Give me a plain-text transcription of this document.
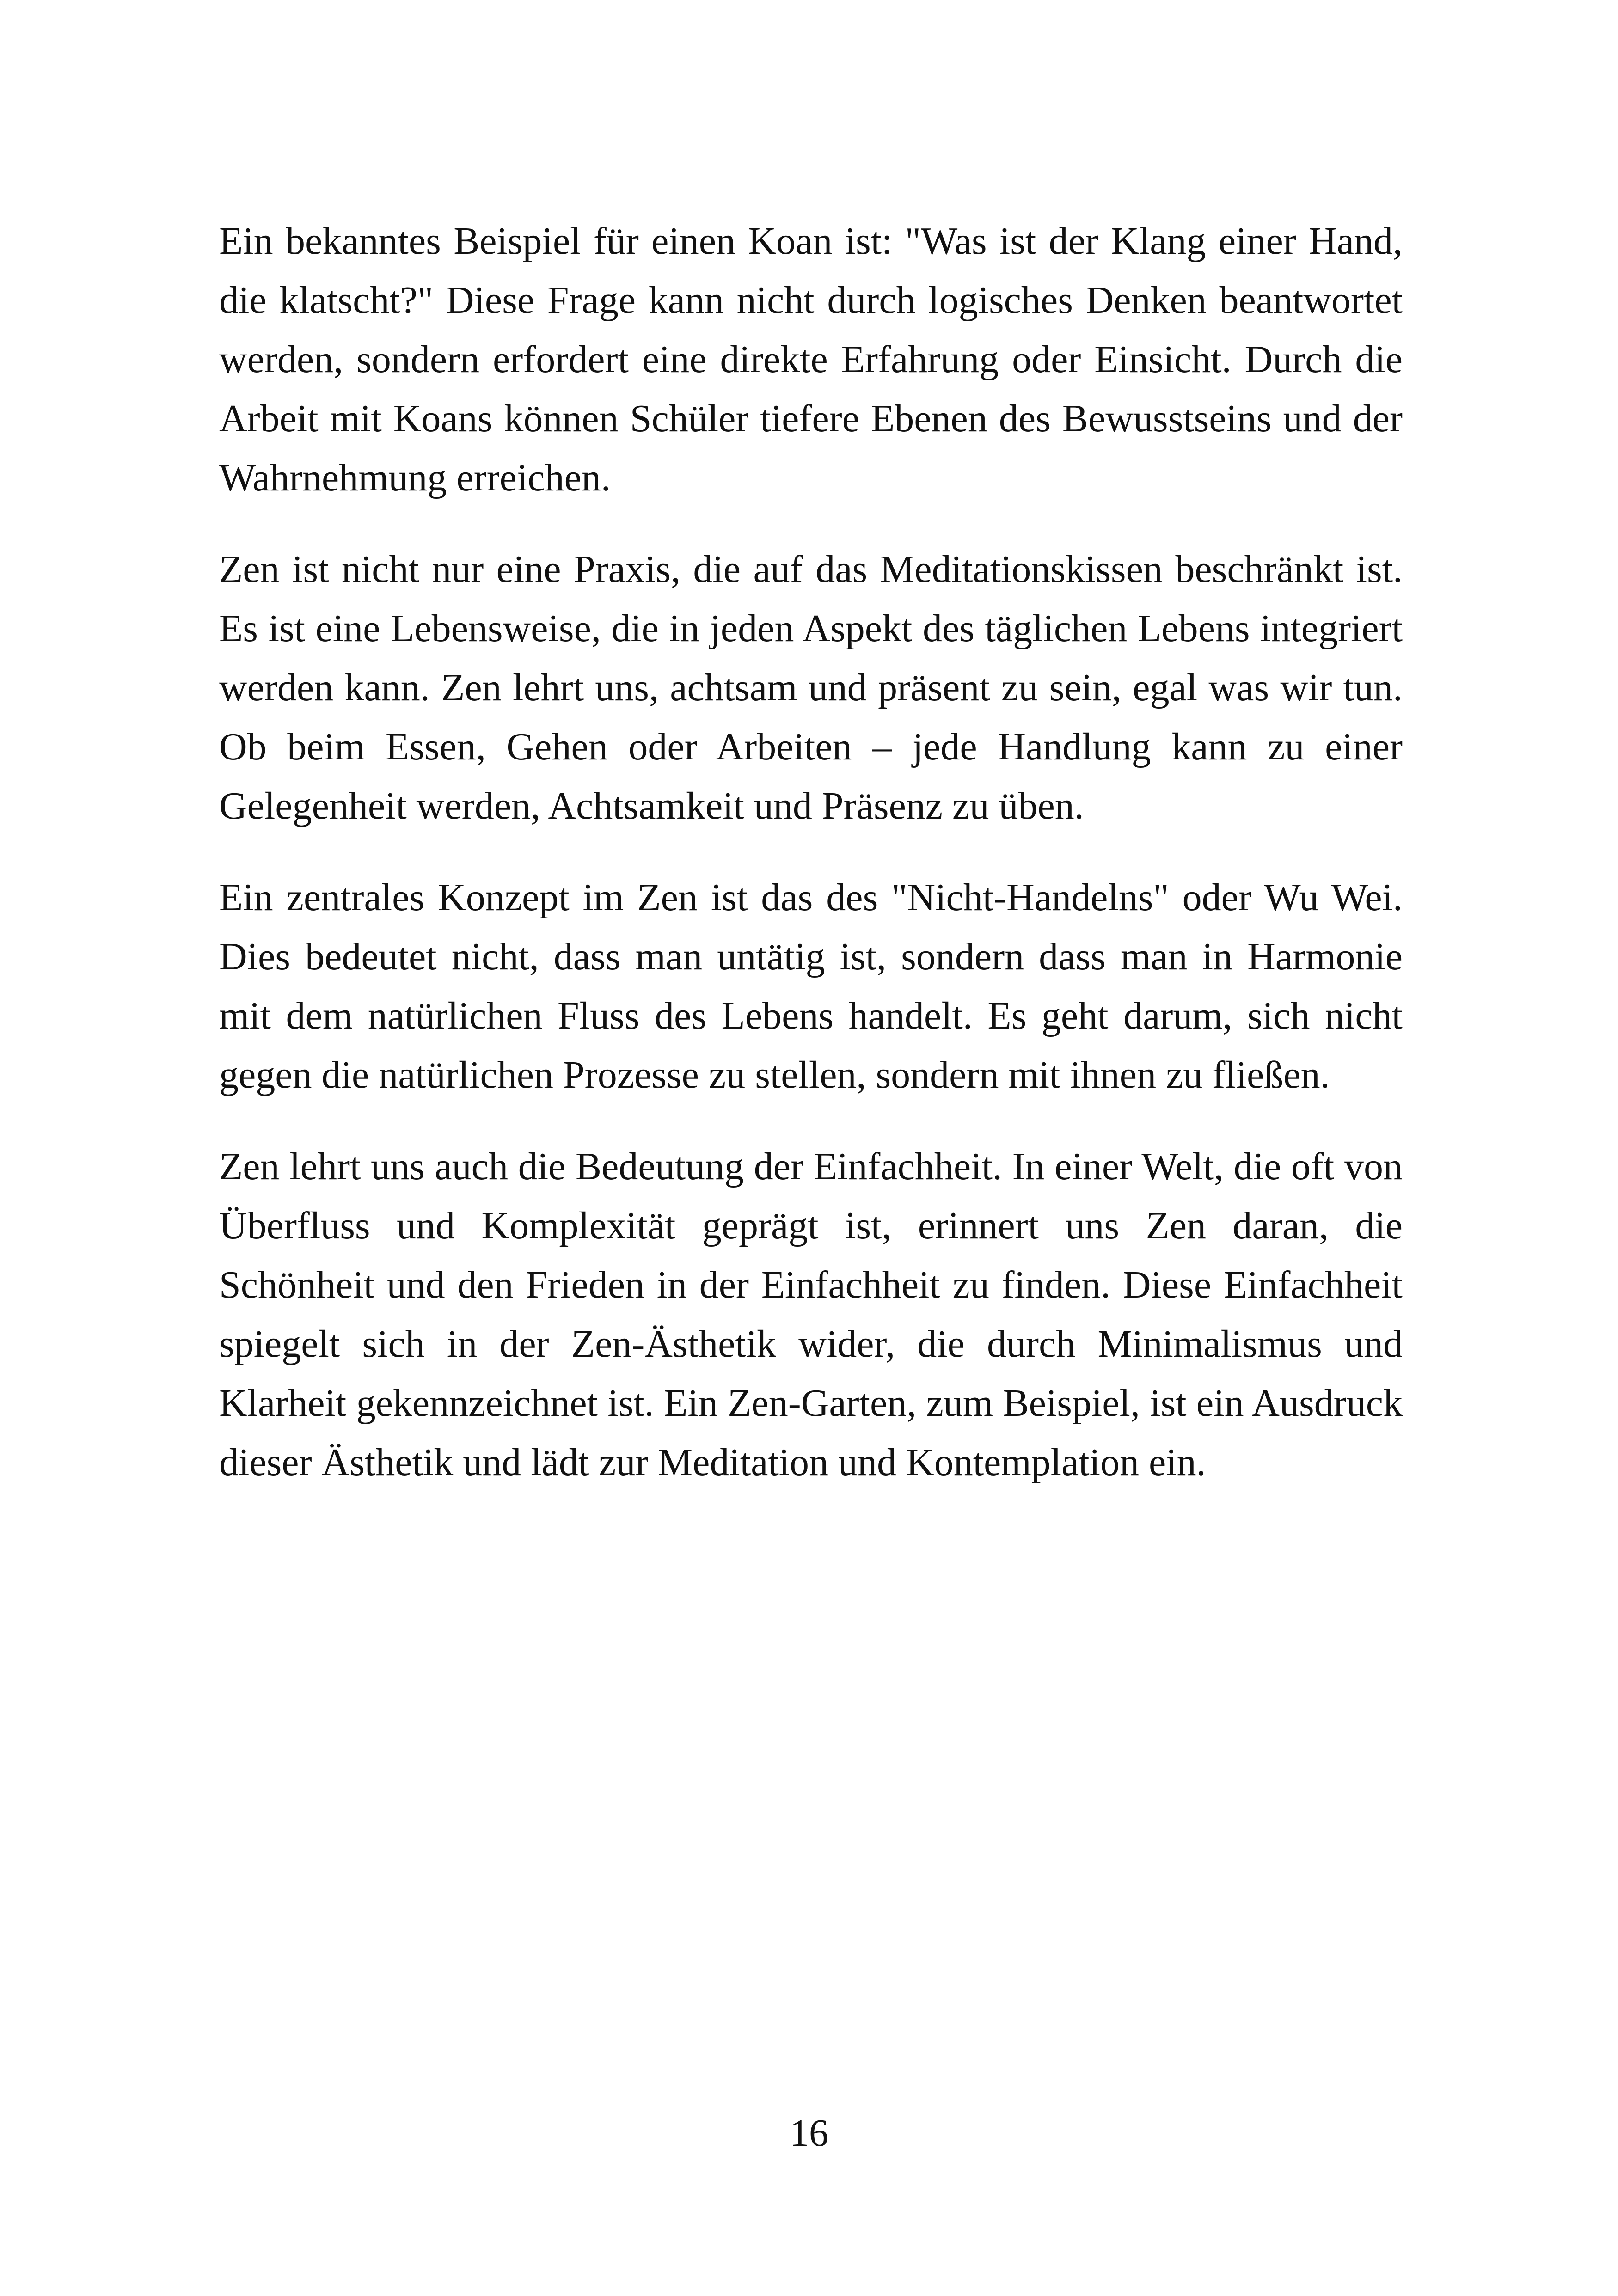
Ein bekanntes Beispiel für einen Koan ist: "Was ist der Klang einer Hand, die klatscht?" Diese Frage kann nicht durch logisches Denken beantwortet werden, sondern erfordert eine direkte Erfahrung oder Einsicht. Durch die Arbeit mit Koans können Schüler tiefere Ebenen des Bewusstseins und der Wahrnehmung erreichen.

Zen ist nicht nur eine Praxis, die auf das Meditationskissen beschränkt ist. Es ist eine Lebensweise, die in jeden Aspekt des täglichen Lebens integriert werden kann. Zen lehrt uns, achtsam und präsent zu sein, egal was wir tun. Ob beim Essen, Gehen oder Arbeiten – jede Handlung kann zu einer Gelegenheit werden, Achtsamkeit und Präsenz zu üben.

Ein zentrales Konzept im Zen ist das des "Nicht-Handelns" oder Wu Wei. Dies bedeutet nicht, dass man untätig ist, sondern dass man in Harmonie mit dem natürlichen Fluss des Lebens handelt. Es geht darum, sich nicht gegen die natürlichen Prozesse zu stellen, sondern mit ihnen zu fließen.

Zen lehrt uns auch die Bedeutung der Einfachheit. In einer Welt, die oft von Überfluss und Komplexität geprägt ist, erinnert uns Zen daran, die Schönheit und den Frieden in der Einfachheit zu finden. Diese Einfachheit spiegelt sich in der Zen-Ästhetik wider, die durch Minimalismus und Klarheit gekennzeichnet ist. Ein Zen-Garten, zum Beispiel, ist ein Ausdruck dieser Ästhetik und lädt zur Meditation und Kontemplation ein.

16
